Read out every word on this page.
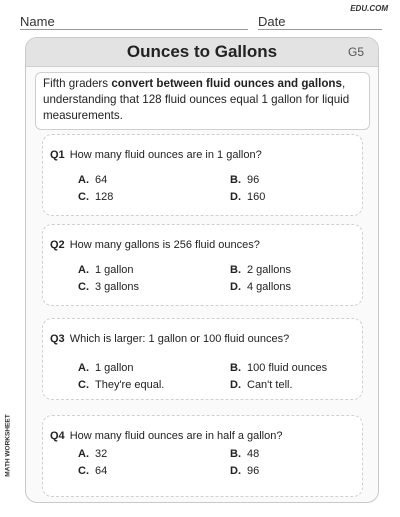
EDU.COM
Name	Date
Ounces to Gallons	G5
Fifth graders convert between fluid ounces and gallons, understanding that 128 fluid ounces equal 1 gallon for liquid measurements.
Q1 How many fluid ounces are in 1 gallon?
A. 64	B. 96
C. 128	D. 160
Q2 How many gallons is 256 fluid ounces?
A. 1 gallon	B. 2 gallons
C. 3 gallons	D. 4 gallons
Q3 Which is larger: 1 gallon or 100 fluid ounces?
A. 1 gallon	B. 100 fluid ounces
C. They're equal.	D. Can't tell.
Q4 How many fluid ounces are in half a gallon?
A. 32	B. 48
C. 64	D. 96
MATH WORKSHEET
